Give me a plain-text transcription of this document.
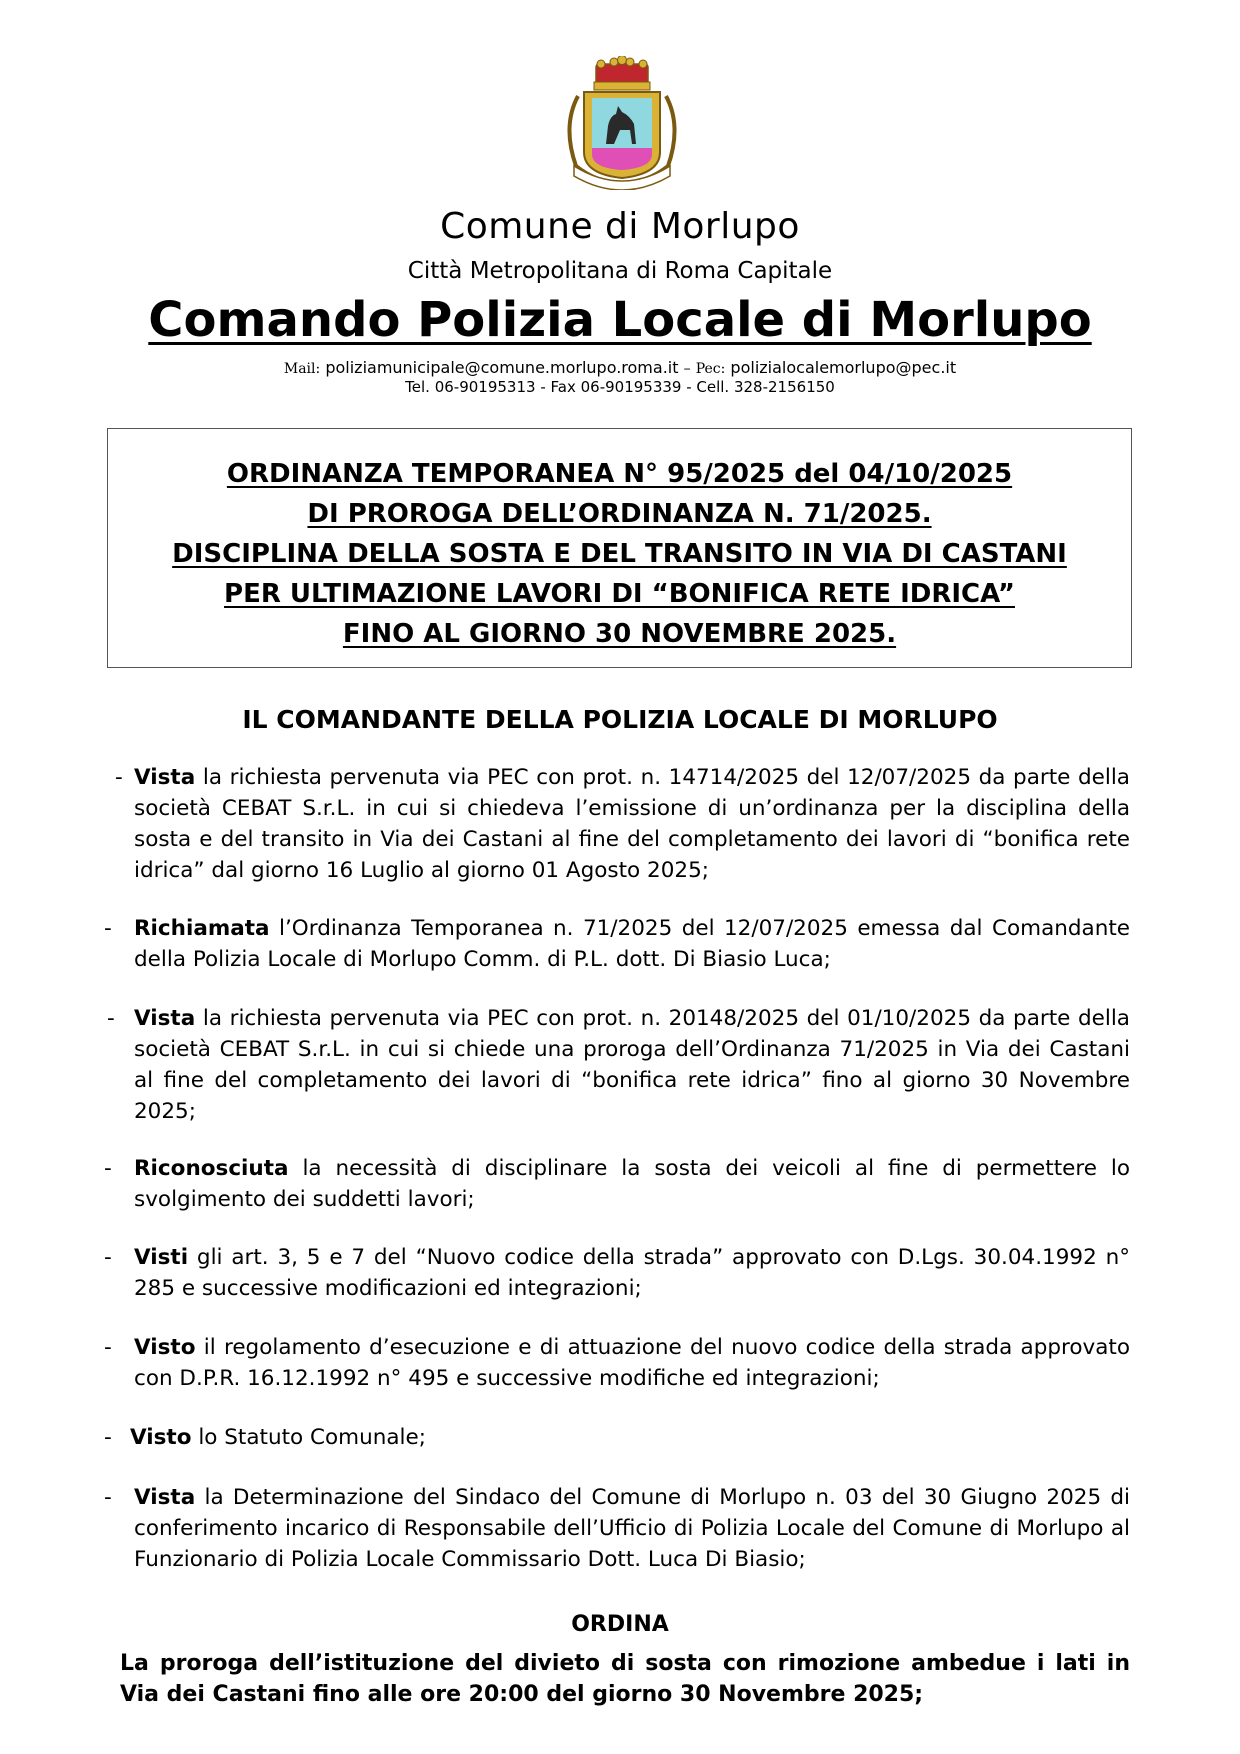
Comune di Morlupo
Città Metropolitana di Roma Capitale
Comando Polizia Locale di Morlupo
Mail: poliziamunicipale@comune.morlupo.roma.it – Pec: polizialocalemorlupo@pec.it
Tel. 06-90195313 - Fax 06-90195339 - Cell. 328-2156150
ORDINANZA TEMPORANEA N° 95/2025 del 04/10/2025
DI PROROGA DELL’ORDINANZA N. 71/2025.
DISCIPLINA DELLA SOSTA E DEL TRANSITO IN VIA DI CASTANI
PER ULTIMAZIONE LAVORI DI “BONIFICA RETE IDRICA”
FINO AL GIORNO 30 NOVEMBRE 2025.
IL COMANDANTE DELLA POLIZIA LOCALE DI MORLUPO
- Vista la richiesta pervenuta via PEC con prot. n. 14714/2025 del 12/07/2025 da parte della società CEBAT S.r.L. in cui si chiedeva l’emissione di un’ordinanza per la disciplina della sosta e del transito in Via dei Castani al fine del completamento dei lavori di “bonifica rete idrica” dal giorno 16 Luglio al giorno 01 Agosto 2025;
- Richiamata l’Ordinanza Temporanea n. 71/2025 del 12/07/2025 emessa dal Comandante della Polizia Locale di Morlupo Comm. di P.L. dott. Di Biasio Luca;
- Vista la richiesta pervenuta via PEC con prot. n. 20148/2025 del 01/10/2025 da parte della società CEBAT S.r.L. in cui si chiede una proroga dell’Ordinanza 71/2025 in Via dei Castani al fine del completamento dei lavori di “bonifica rete idrica” fino al giorno 30 Novembre 2025;
- Riconosciuta la necessità di disciplinare la sosta dei veicoli al fine di permettere lo svolgimento dei suddetti lavori;
- Visti gli art. 3, 5 e 7 del “Nuovo codice della strada” approvato con D.Lgs. 30.04.1992 n° 285 e successive modificazioni ed integrazioni;
- Visto il regolamento d’esecuzione e di attuazione del nuovo codice della strada approvato con D.P.R. 16.12.1992 n° 495 e successive modifiche ed integrazioni;
- Visto lo Statuto Comunale;
- Vista la Determinazione del Sindaco del Comune di Morlupo n. 03 del 30 Giugno 2025 di conferimento incarico di Responsabile dell’Ufficio di Polizia Locale del Comune di Morlupo al Funzionario di Polizia Locale Commissario Dott. Luca Di Biasio;
ORDINA
La proroga dell’istituzione del divieto di sosta con rimozione ambedue i lati in Via dei Castani fino alle ore 20:00 del giorno 30 Novembre 2025;
